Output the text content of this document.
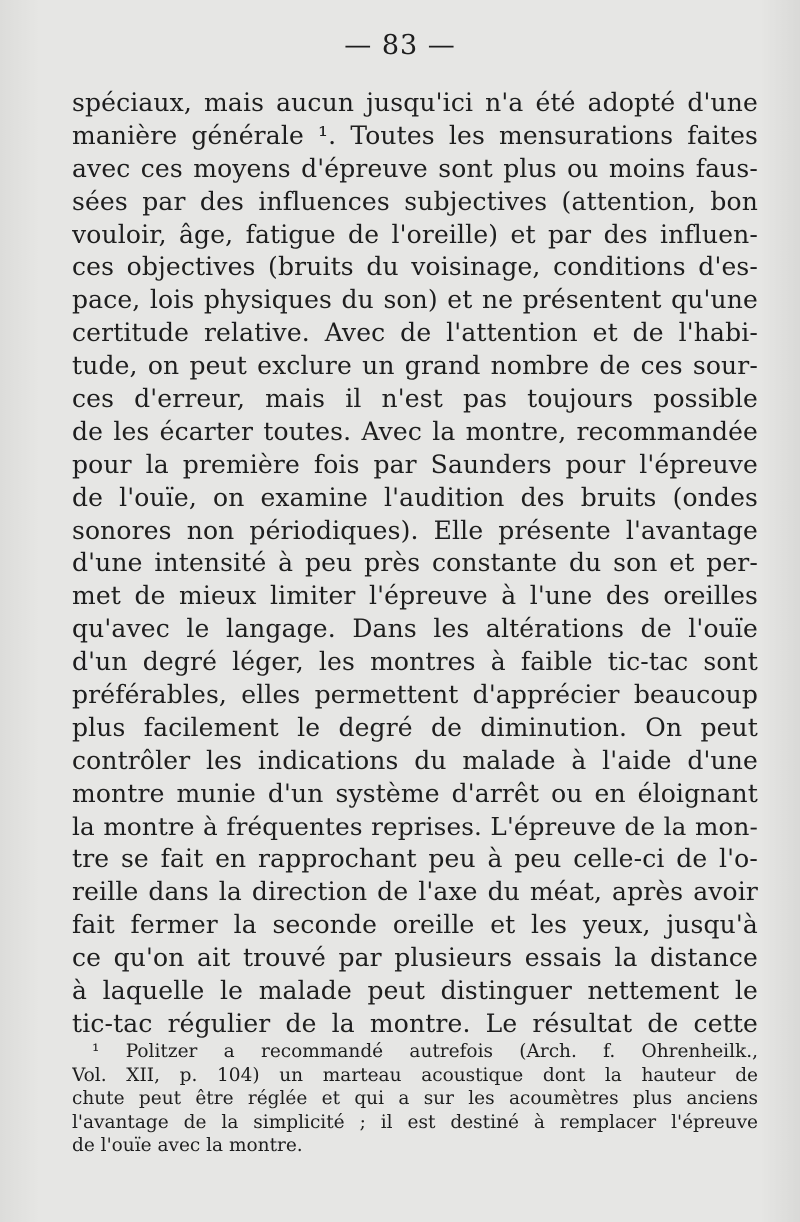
— 83 —
spéciaux, mais aucun jusqu'ici n'a été adopté d'une
manière générale ¹. Toutes les mensurations faites
avec ces moyens d'épreuve sont plus ou moins faus-
sées par des influences subjectives (attention, bon
vouloir, âge, fatigue de l'oreille) et par des influen-
ces objectives (bruits du voisinage, conditions d'es-
pace, lois physiques du son) et ne présentent qu'une
certitude relative. Avec de l'attention et de l'habi-
tude, on peut exclure un grand nombre de ces sour-
ces d'erreur, mais il n'est pas toujours possible
de les écarter toutes. Avec la montre, recommandée
pour la première fois par Saunders pour l'épreuve
de l'ouïe, on examine l'audition des bruits (ondes
sonores non périodiques). Elle présente l'avantage
d'une intensité à peu près constante du son et per-
met de mieux limiter l'épreuve à l'une des oreilles
qu'avec le langage. Dans les altérations de l'ouïe
d'un degré léger, les montres à faible tic-tac sont
préférables, elles permettent d'apprécier beaucoup
plus facilement le degré de diminution. On peut
contrôler les indications du malade à l'aide d'une
montre munie d'un système d'arrêt ou en éloignant
la montre à fréquentes reprises. L'épreuve de la mon-
tre se fait en rapprochant peu à peu celle-ci de l'o-
reille dans la direction de l'axe du méat, après avoir
fait fermer la seconde oreille et les yeux, jusqu'à
ce qu'on ait trouvé par plusieurs essais la distance
à laquelle le malade peut distinguer nettement le
tic-tac régulier de la montre. Le résultat de cette
¹ Politzer a recommandé autrefois (Arch. f. Ohrenheilk.,
Vol. XII, p. 104) un marteau acoustique dont la hauteur de
chute peut être réglée et qui a sur les acoumètres plus anciens
l'avantage de la simplicité ; il est destiné à remplacer l'épreuve
de l'ouïe avec la montre.
